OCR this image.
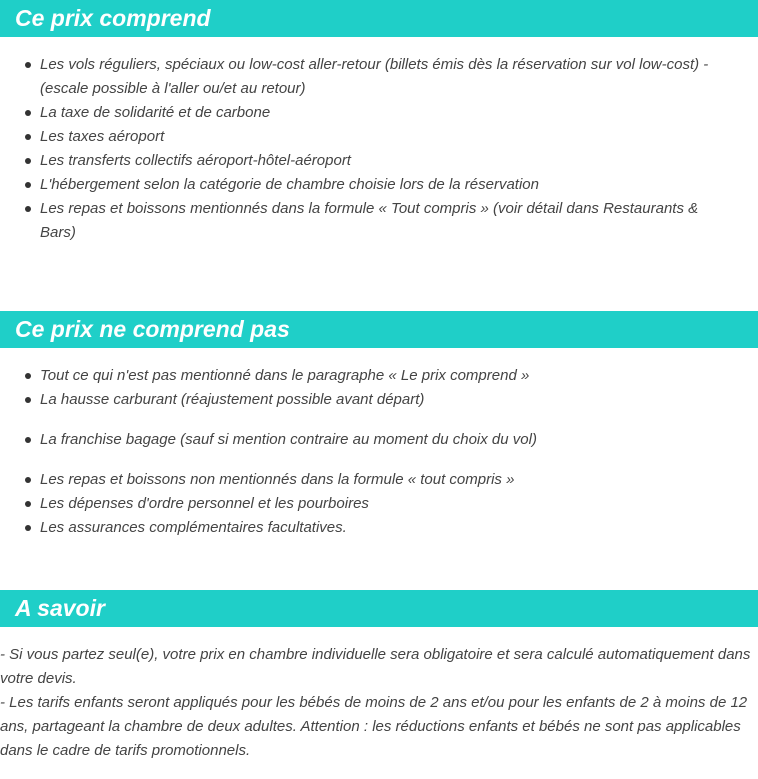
Ce prix comprend
Les vols réguliers, spéciaux ou low-cost aller-retour (billets émis dès la réservation sur vol low-cost) - (escale possible à l'aller ou/et au retour)
La taxe de solidarité et de carbone
Les taxes aéroport
Les transferts collectifs aéroport-hôtel-aéroport
L'hébergement selon la catégorie de chambre choisie lors de la réservation
Les repas et boissons mentionnés dans la formule « Tout compris » (voir détail dans Restaurants & Bars)
Ce prix ne comprend pas
Tout ce qui n'est pas mentionné dans le paragraphe « Le prix comprend »
La hausse carburant (réajustement possible avant départ)
La franchise bagage (sauf si mention contraire au moment du choix du vol)
Les repas et boissons non mentionnés dans la formule « tout compris »
Les dépenses d'ordre personnel et les pourboires
Les assurances complémentaires facultatives.
A savoir

- Si vous partez seul(e), votre prix en chambre individuelle sera obligatoire et sera calculé automatiquement dans votre devis.

- Les tarifs enfants seront appliqués pour les bébés de moins de 2 ans et/ou pour les enfants de 2 à moins de 12 ans, partageant la chambre de deux adultes. Attention : les réductions enfants et bébés ne sont pas applicables dans le cadre de tarifs promotionnels.
